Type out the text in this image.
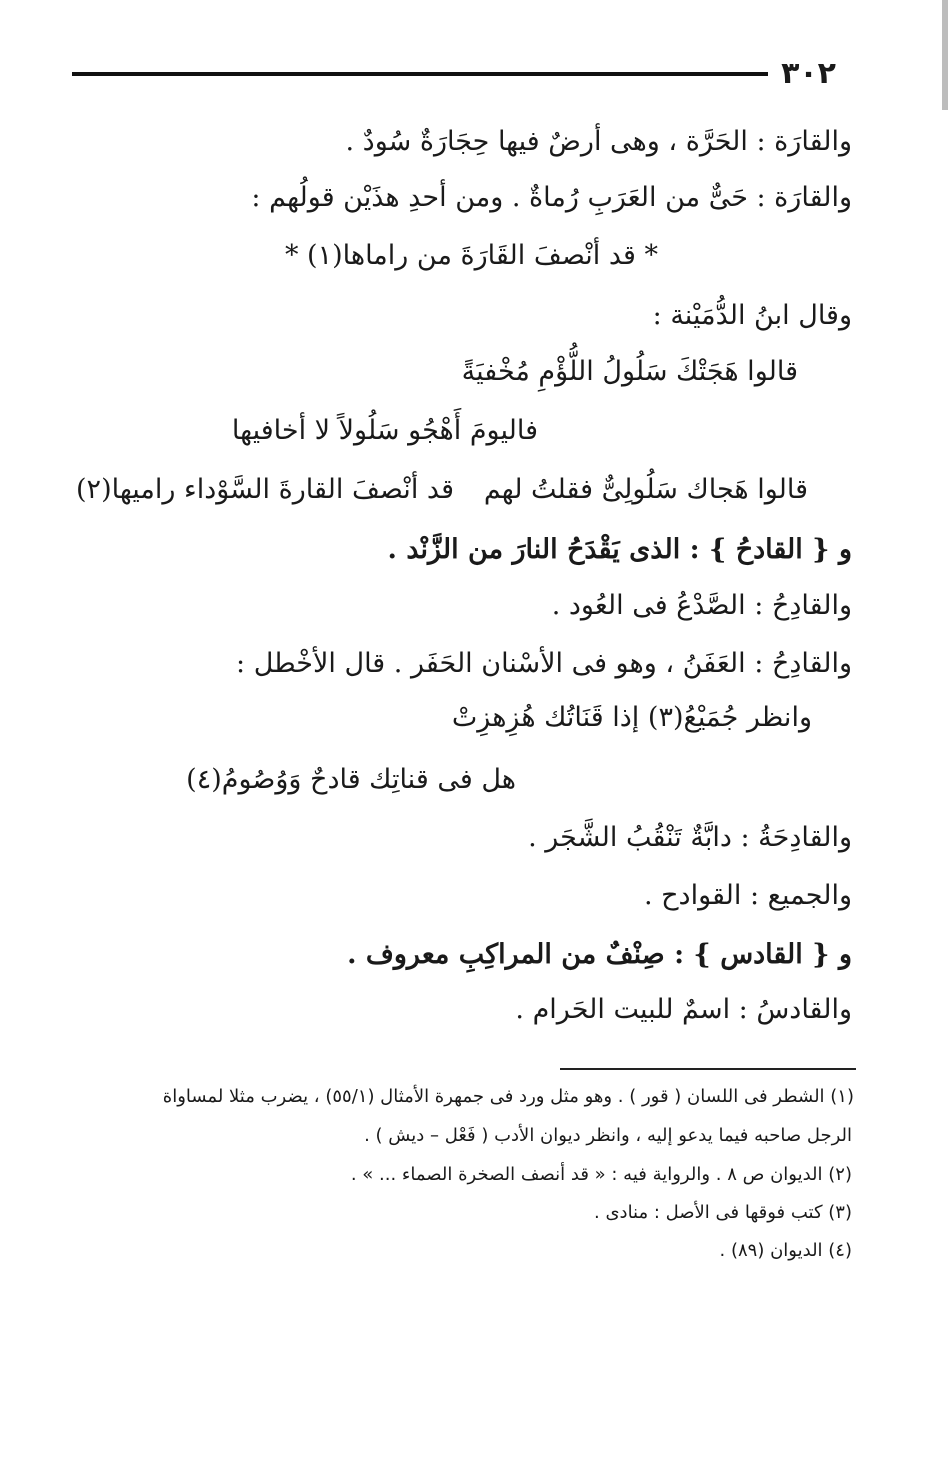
٣٠٢
والقارَة : الحَرَّة ، وهى أرضٌ فيها حِجَارَةٌ سُودٌ .
والقارَة : حَىٌّ من العَرَبِ رُماةٌ . ومن أحدِ هذَيْن قولُهم :
* قد أنْصفَ القَارَةَ من راماها(١) *
وقال ابنُ الدُّمَيْنة :
قالوا هَجَتْكَ سَلُولُ اللُّؤْمِ مُخْفيَةً
فاليومَ أَهْجُو سَلُولاً لا أخافيها
قالوا هَجاك سَلُولِىٌّ فقلتُ لهم
قد أنْصفَ القارةَ السَّوْداء راميها(٢)
و { القادحُ } : الذى يَقْدَحُ النارَ من الزَّنْد .
والقادِحُ : الصَّدْعُ فى العُود .
والقادِحُ : العَفَنُ ، وهو فى الأسْنان الحَفَر . قال الأخْطل :
وانظر جُمَيْعُ(٣) إذا قَنَاتُك هُزِهزِتْ
هل فى قناتِك قادحٌ وَوُصُومُ(٤)
والقادِحَةُ : دابَّةٌ تَنْقُبُ الشَّجَر .
والجميع : القوادح .
و { القادس } : صِنْفٌ من المراكِبِ معروف .
والقادسُ : اسمٌ للبيت الحَرام .
(١) الشطر فى اللسان ( قور ) . وهو مثل ورد فى جمهرة الأمثال (٥٥/١) ، يضرب مثلا لمساواة
الرجل صاحبه فيما يدعو إليه ، وانظر ديوان الأدب ( فَعْل – ديش ) .
(٢) الديوان ص ٨ . والرواية فيه : « قد أنصف الصخرة الصماء ... » .
(٣) كتب فوقها فى الأصل : منادى .
(٤) الديوان (٨٩) .
